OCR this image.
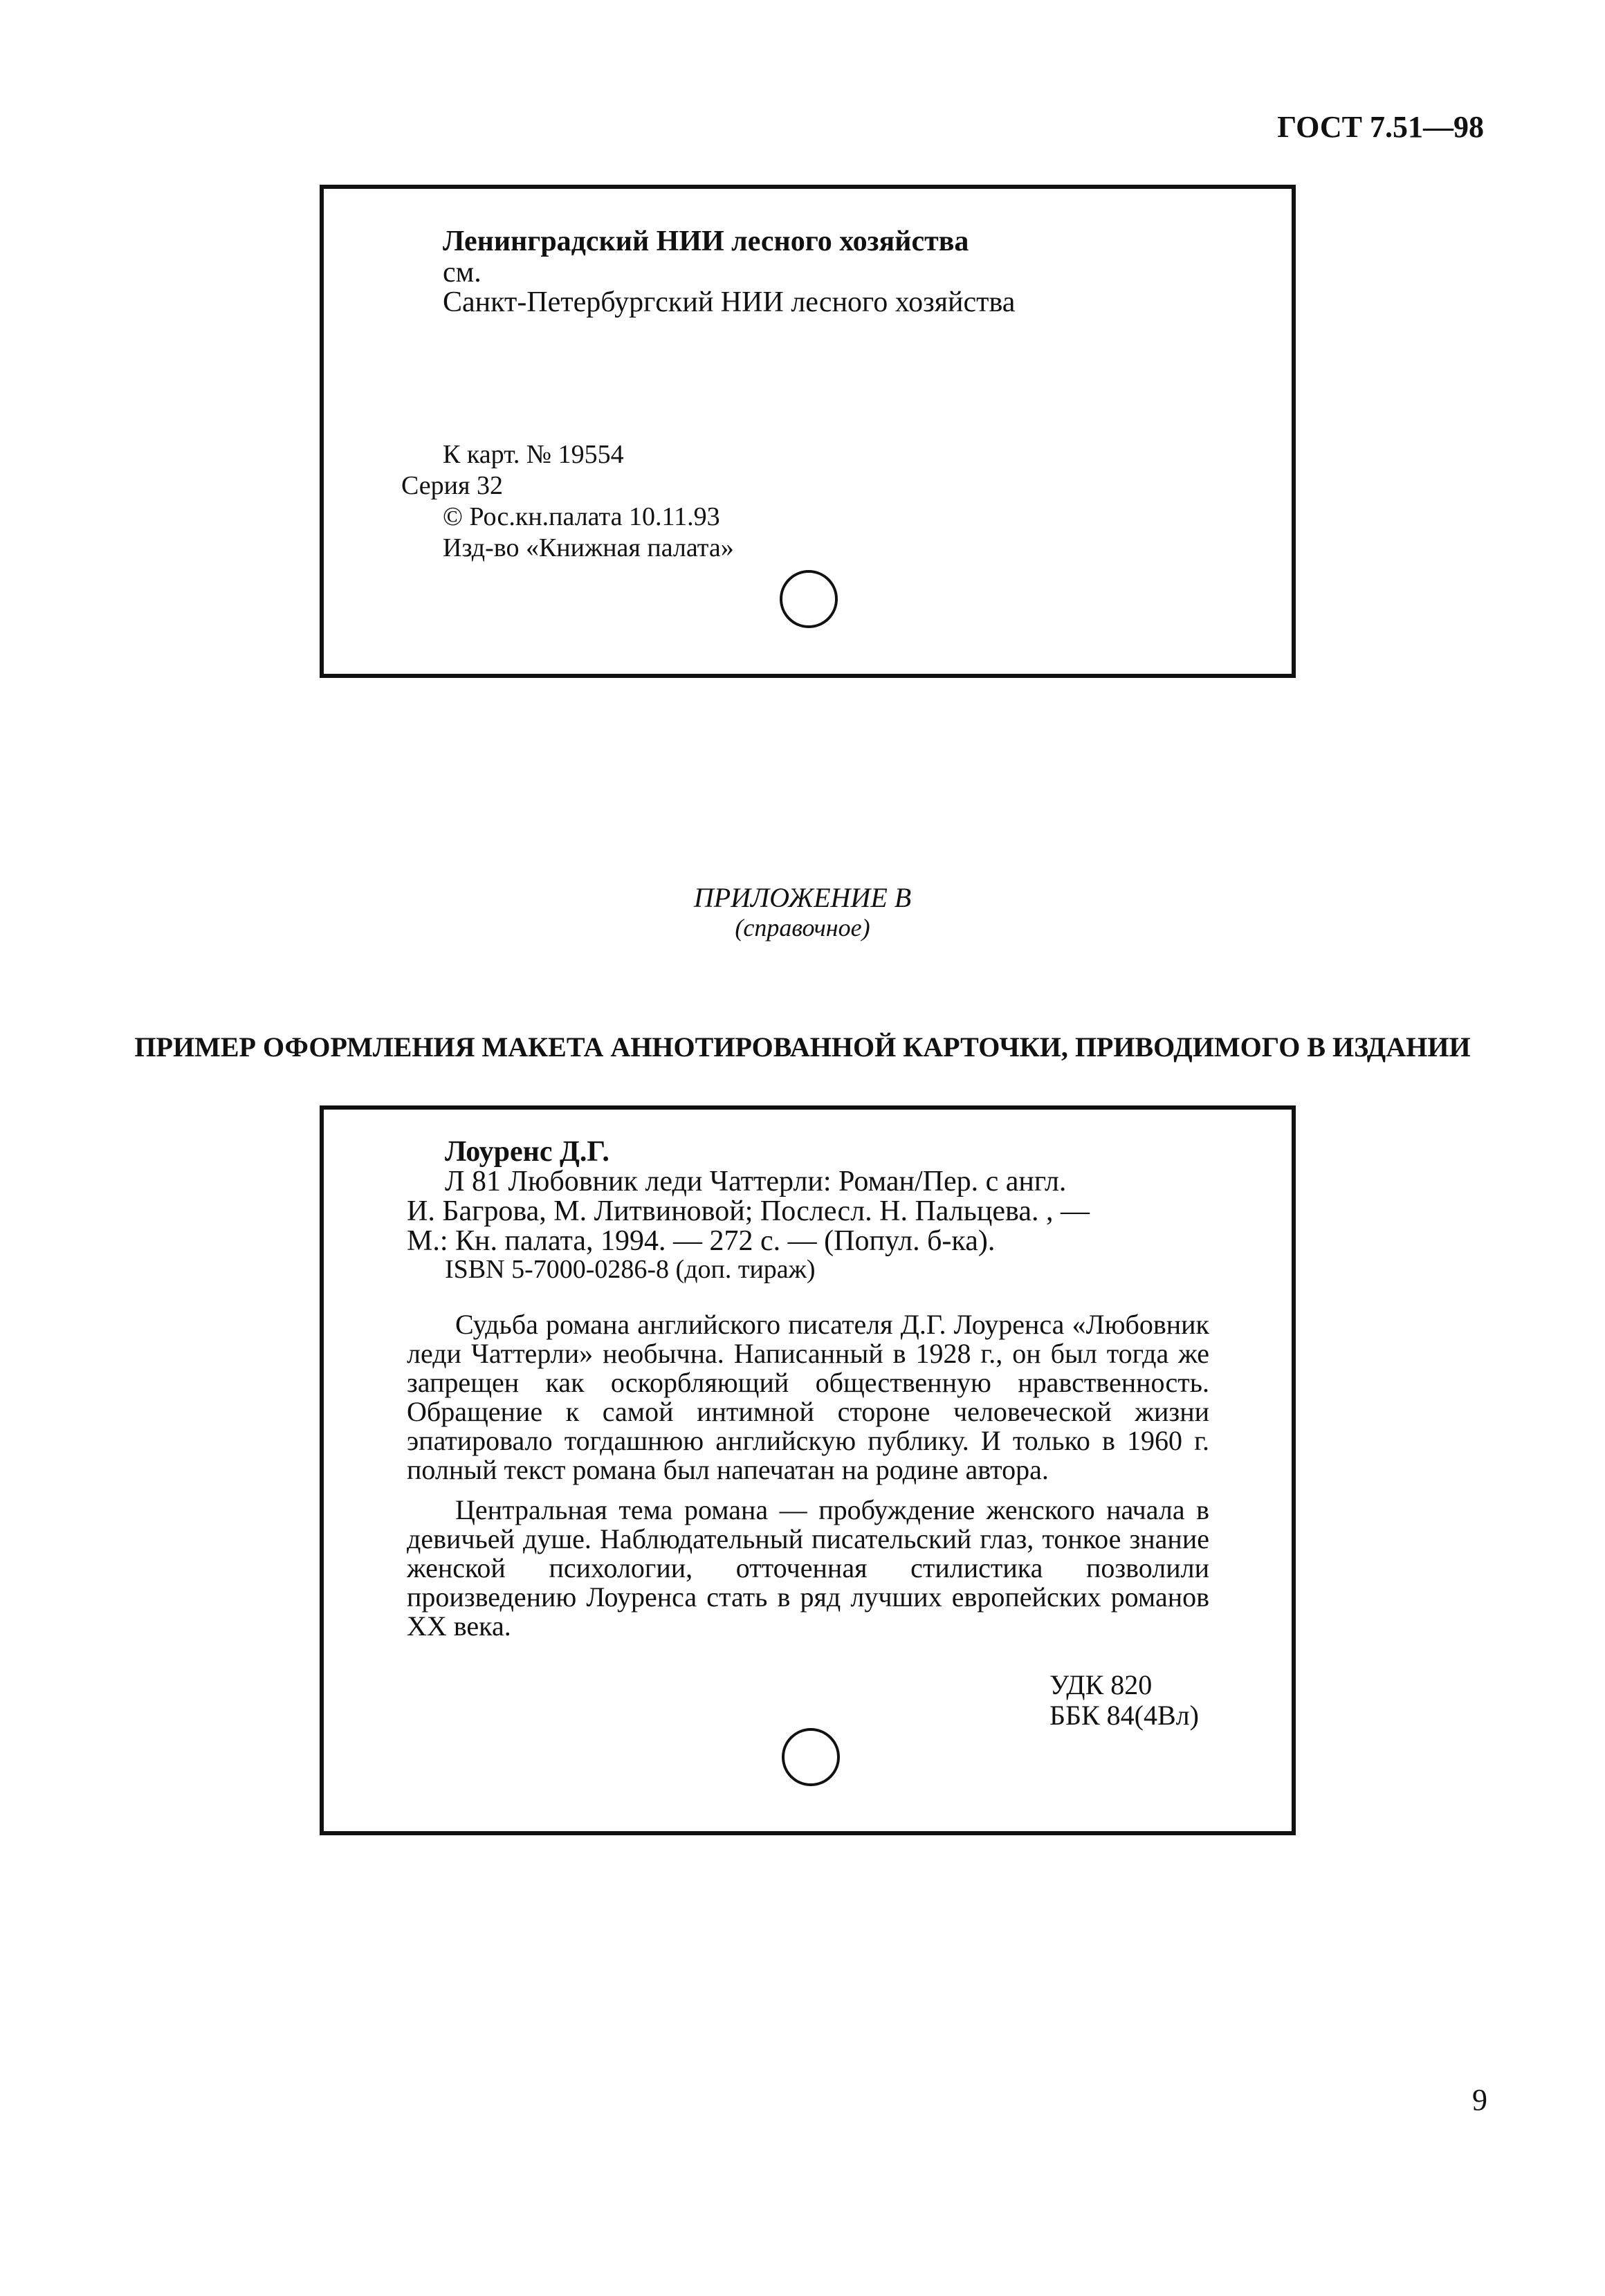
ГОСТ 7.51—98
Ленинградский НИИ лесного хозяйства
см.
Санкт-Петербургский НИИ лесного хозяйства
К карт. № 19554
Серия 32
© Рос.кн.палата 10.11.93
Изд-во «Книжная палата»
ПРИЛОЖЕНИЕ В
(справочное)
ПРИМЕР ОФОРМЛЕНИЯ МАКЕТА АННОТИРОВАННОЙ КАРТОЧКИ, ПРИВОДИМОГО В ИЗДАНИИ
Лоуренс Д.Г.
Л 81 Любовник леди Чаттерли: Роман/Пер. с англ.
И. Багрова, М. Литвиновой; Послесл. Н. Пальцева. , —
М.: Кн. палата, 1994. — 272 с. — (Попул. б-ка).
ISBN 5-7000-0286-8 (доп. тираж)
Судьба романа английского писателя Д.Г. Лоуренса «Любовник леди Чаттерли» необычна. Написанный в 1928 г., он был тогда же запрещен как оскорбляющий общественную нравственность. Обращение к самой интимной стороне человеческой жизни эпатировало тогдашнюю английскую публику. И только в 1960 г. полный текст романа был напечатан на родине автора.
Центральная тема романа — пробуждение женского начала в девичьей душе. Наблюдательный писательский глаз, тонкое знание женской психологии, отточенная стилистика позволили произведению Лоуренса стать в ряд лучших европейских романов XX века.
УДК 820
ББК 84(4Вл)
9
